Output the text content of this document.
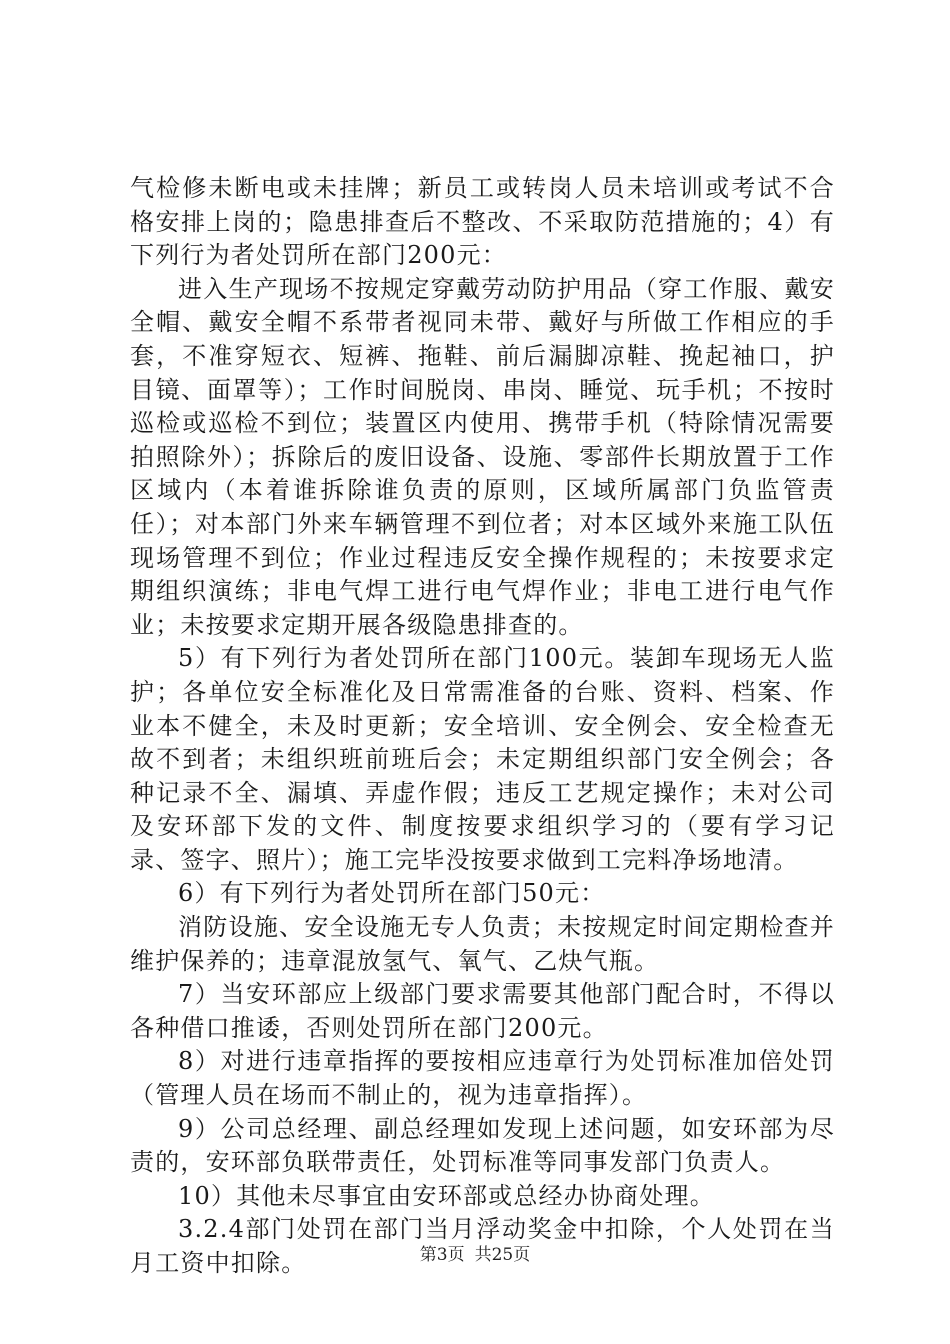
气检修未断电或未挂牌；新员工或转岗人员未培训或考试不合格安排上岗的；隐患排查后不整改、不采取防范措施的；4）有下列行为者处罚所在部门200元：

进入生产现场不按规定穿戴劳动防护用品（穿工作服、戴安全帽、戴安全帽不系带者视同未带、戴好与所做工作相应的手套，不准穿短衣、短裤、拖鞋、前后漏脚凉鞋、挽起袖口，护目镜、面罩等）；工作时间脱岗、串岗、睡觉、玩手机；不按时巡检或巡检不到位；装置区内使用、携带手机（特除情况需要拍照除外）；拆除后的废旧设备、设施、零部件长期放置于工作区域内（本着谁拆除谁负责的原则，区域所属部门负监管责任）；对本部门外来车辆管理不到位者；对本区域外来施工队伍现场管理不到位；作业过程违反安全操作规程的；未按要求定期组织演练；非电气焊工进行电气焊作业；非电工进行电气作业；未按要求定期开展各级隐患排查的。

5）有下列行为者处罚所在部门100元。装卸车现场无人监护；各单位安全标准化及日常需准备的台账、资料、档案、作业本不健全，未及时更新；安全培训、安全例会、安全检查无故不到者；未组织班前班后会；未定期组织部门安全例会；各种记录不全、漏填、弄虚作假；违反工艺规定操作；未对公司及安环部下发的文件、制度按要求组织学习的（要有学习记录、签字、照片）；施工完毕没按要求做到工完料净场地清。

6）有下列行为者处罚所在部门50元：

消防设施、安全设施无专人负责；未按规定时间定期检查并维护保养的；违章混放氢气、氧气、乙炔气瓶。

7）当安环部应上级部门要求需要其他部门配合时，不得以各种借口推诿，否则处罚所在部门200元。

8）对进行违章指挥的要按相应违章行为处罚标准加倍处罚（管理人员在场而不制止的，视为违章指挥）。

9）公司总经理、副总经理如发现上述问题，如安环部为尽责的，安环部负联带责任，处罚标准等同事发部门负责人。

10）其他未尽事宜由安环部或总经办协商处理。

3.2.4部门处罚在部门当月浮动奖金中扣除，个人处罚在当月工资中扣除。	第3页 共25页
